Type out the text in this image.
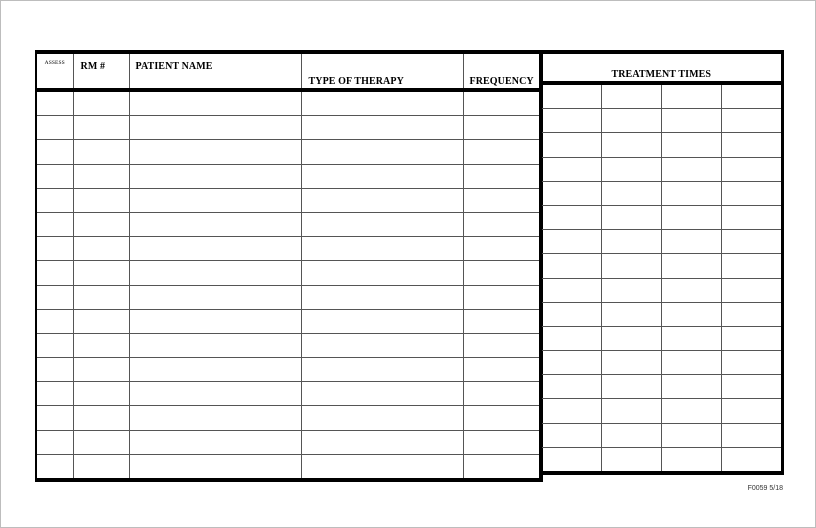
ASSESS	RM #	PATIENT NAME	TYPE OF THERAPY	FREQUENCY

TREATMENT TIMES			

F0059 5/18
